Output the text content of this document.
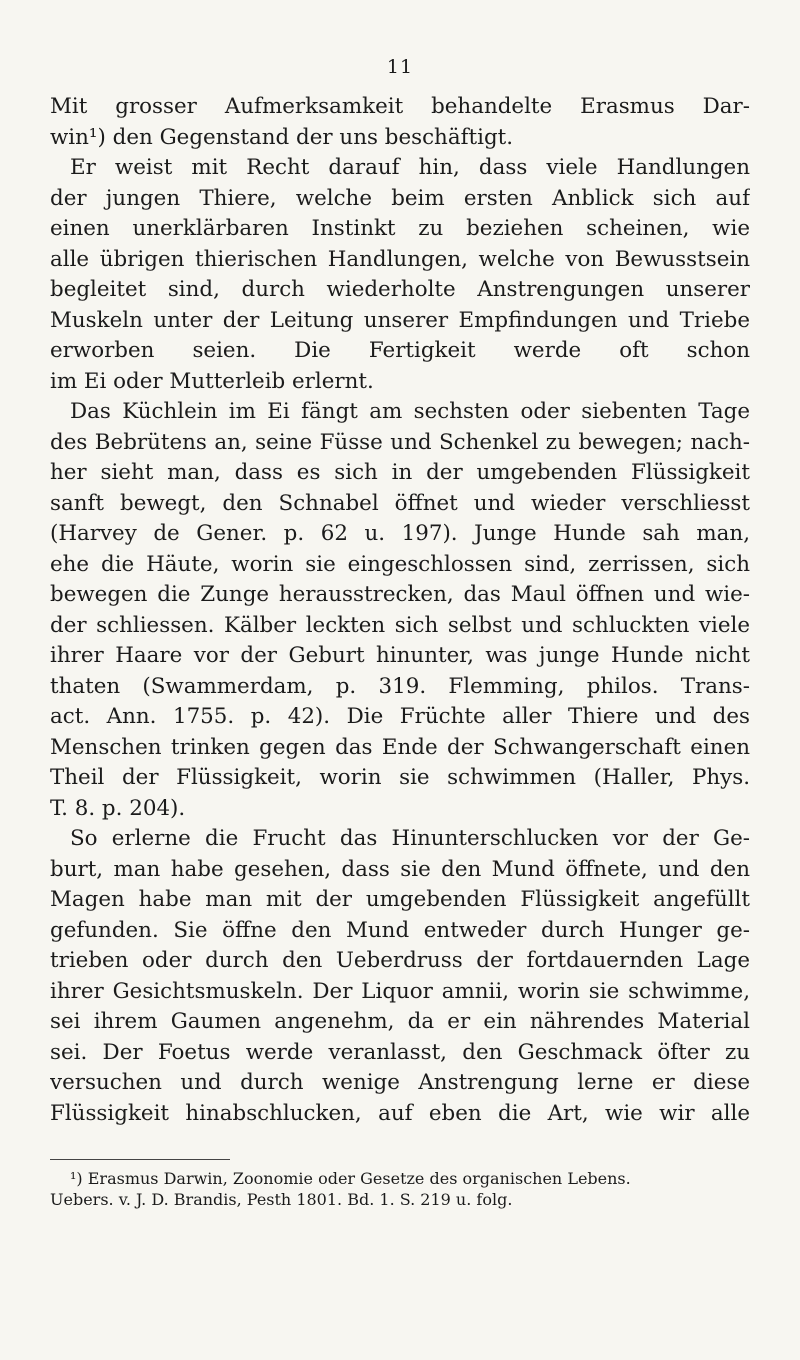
11
Mit grosser Aufmerksamkeit behandelte Erasmus Dar-
win¹) den Gegenstand der uns beschäftigt.
Er weist mit Recht darauf hin, dass viele Handlungen
der jungen Thiere, welche beim ersten Anblick sich auf
einen unerklärbaren Instinkt zu beziehen scheinen, wie
alle übrigen thierischen Handlungen, welche von Bewusstsein
begleitet sind, durch wiederholte Anstrengungen unserer
Muskeln unter der Leitung unserer Empfindungen und Triebe
erworben seien. Die Fertigkeit werde oft schon
im Ei oder Mutterleib erlernt.
Das Küchlein im Ei fängt am sechsten oder siebenten Tage
des Bebrütens an, seine Füsse und Schenkel zu bewegen; nach-
her sieht man, dass es sich in der umgebenden Flüssigkeit
sanft bewegt, den Schnabel öffnet und wieder verschliesst
(Harvey de Gener. p. 62 u. 197). Junge Hunde sah man,
ehe die Häute, worin sie eingeschlossen sind, zerrissen, sich
bewegen die Zunge herausstrecken, das Maul öffnen und wie-
der schliessen. Kälber leckten sich selbst und schluckten viele
ihrer Haare vor der Geburt hinunter, was junge Hunde nicht
thaten (Swammerdam, p. 319. Flemming, philos. Trans-
act. Ann. 1755. p. 42). Die Früchte aller Thiere und des
Menschen trinken gegen das Ende der Schwangerschaft einen
Theil der Flüssigkeit, worin sie schwimmen (Haller, Phys.
T. 8. p. 204).
So erlerne die Frucht das Hinunterschlucken vor der Ge-
burt, man habe gesehen, dass sie den Mund öffnete, und den
Magen habe man mit der umgebenden Flüssigkeit angefüllt
gefunden. Sie öffne den Mund entweder durch Hunger ge-
trieben oder durch den Ueberdruss der fortdauernden Lage
ihrer Gesichtsmuskeln. Der Liquor amnii, worin sie schwimme,
sei ihrem Gaumen angenehm, da er ein nährendes Material
sei. Der Foetus werde veranlasst, den Geschmack öfter zu
versuchen und durch wenige Anstrengung lerne er diese
Flüssigkeit hinabschlucken, auf eben die Art, wie wir alle
¹) Erasmus Darwin, Zoonomie oder Gesetze des organischen Lebens.
Uebers. v. J. D. Brandis, Pesth 1801. Bd. 1. S. 219 u. folg.
